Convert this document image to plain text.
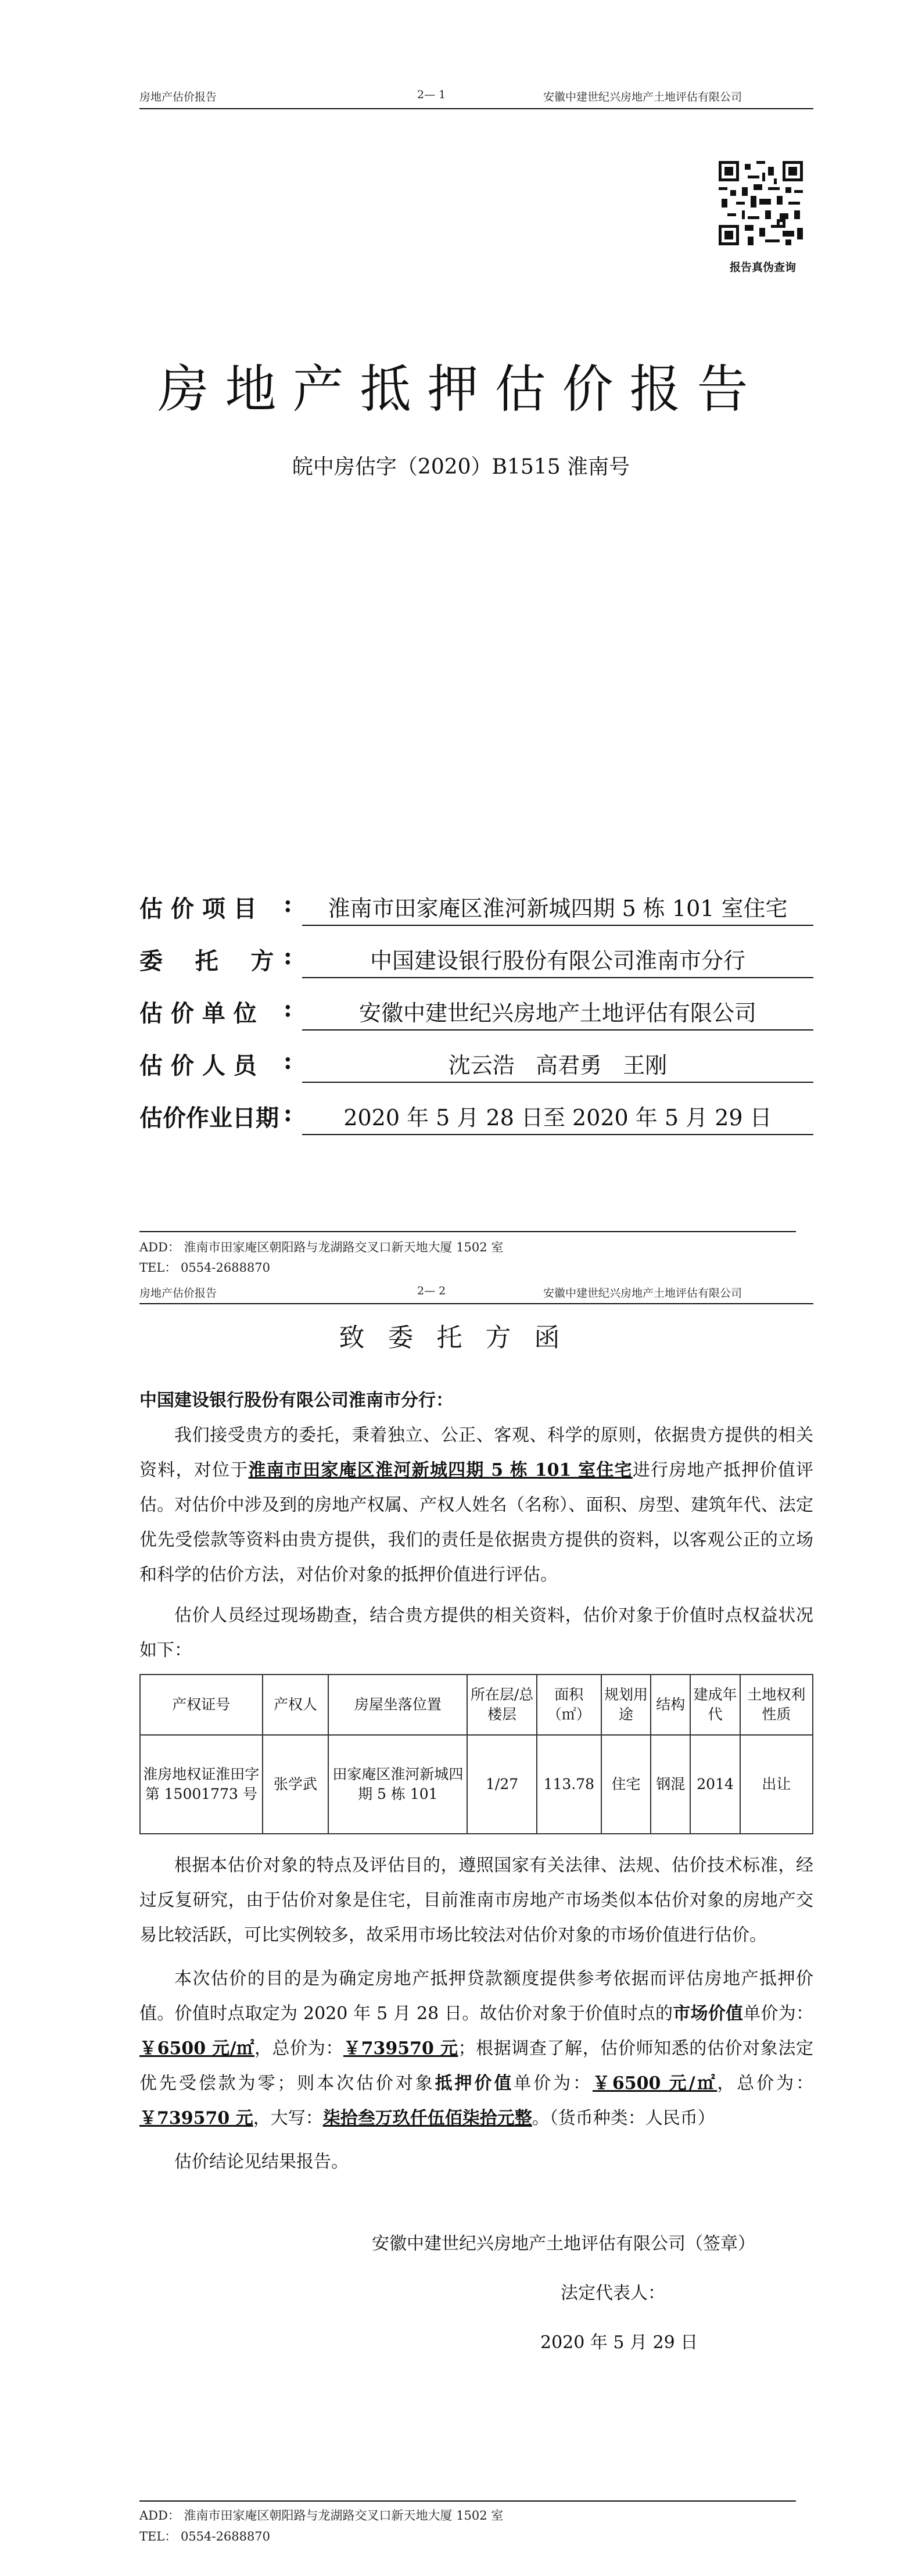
房地产估价报告	2— 1	安徽中建世纪兴房地产土地评估有限公司
报告真伪查询
房地产抵押估价报告
皖中房估字（2020）B1515 淮南号
估 价 项 目 :	淮南市田家庵区淮河新城四期 5 栋 101 室住宅
委    托    方 :	中国建设银行股份有限公司淮南市分行
估 价 单 位 :	安徽中建世纪兴房地产土地评估有限公司
估 价 人 员 :	沈云浩   高君勇   王刚
估价作业日期 :	2020 年 5 月 28 日至 2020 年 5 月 29 日
ADD： 淮南市田家庵区朝阳路与龙湖路交叉口新天地大厦 1502 室
TEL： 0554-2688870
房地产估价报告	2— 2	安徽中建世纪兴房地产土地评估有限公司
致委托方函
中国建设银行股份有限公司淮南市分行：
我们接受贵方的委托，秉着独立、公正、客观、科学的原则，依据贵方提供的相关资料，对位于淮南市田家庵区淮河新城四期 5 栋 101 室住宅进行房地产抵押价值评估。对估价中涉及到的房地产权属、产权人姓名（名称）、面积、房型、建筑年代、法定优先受偿款等资料由贵方提供，我们的责任是依据贵方提供的资料，以客观公正的立场和科学的估价方法，对估价对象的抵押价值进行评估。
估价人员经过现场勘查，结合贵方提供的相关资料，估价对象于价值时点权益状况如下：
产权证号	产权人	房屋坐落位置	所在层/总楼层	面积（㎡）	规划用途	结构	建成年代	土地权利性质
淮房地权证淮田字第 15001773 号	张学武	田家庵区淮河新城四期 5 栋 101	1/27	113.78	住宅	钢混	2014	出让
根据本估价对象的特点及评估目的，遵照国家有关法律、法规、估价技术标准，经过反复研究，由于估价对象是住宅，目前淮南市房地产市场类似本估价对象的房地产交易比较活跃，可比实例较多，故采用市场比较法对估价对象的市场价值进行估价。
本次估价的目的是为确定房地产抵押贷款额度提供参考依据而评估房地产抵押价值。价值时点取定为 2020 年 5 月 28 日。故估价对象于价值时点的市场价值单价为：￥6500 元/㎡，总价为：￥739570 元；根据调查了解，估价师知悉的估价对象法定优先受偿款为零；则本次估价对象抵押价值单价为：￥6500 元/㎡，总价为：￥739570 元，大写：柒拾叁万玖仟伍佰柒拾元整。（货币种类：人民币）
估价结论见结果报告。
安徽中建世纪兴房地产土地评估有限公司（签章）
法定代表人：
2020 年 5 月 29 日
ADD： 淮南市田家庵区朝阳路与龙湖路交叉口新天地大厦 1502 室
TEL： 0554-2688870
